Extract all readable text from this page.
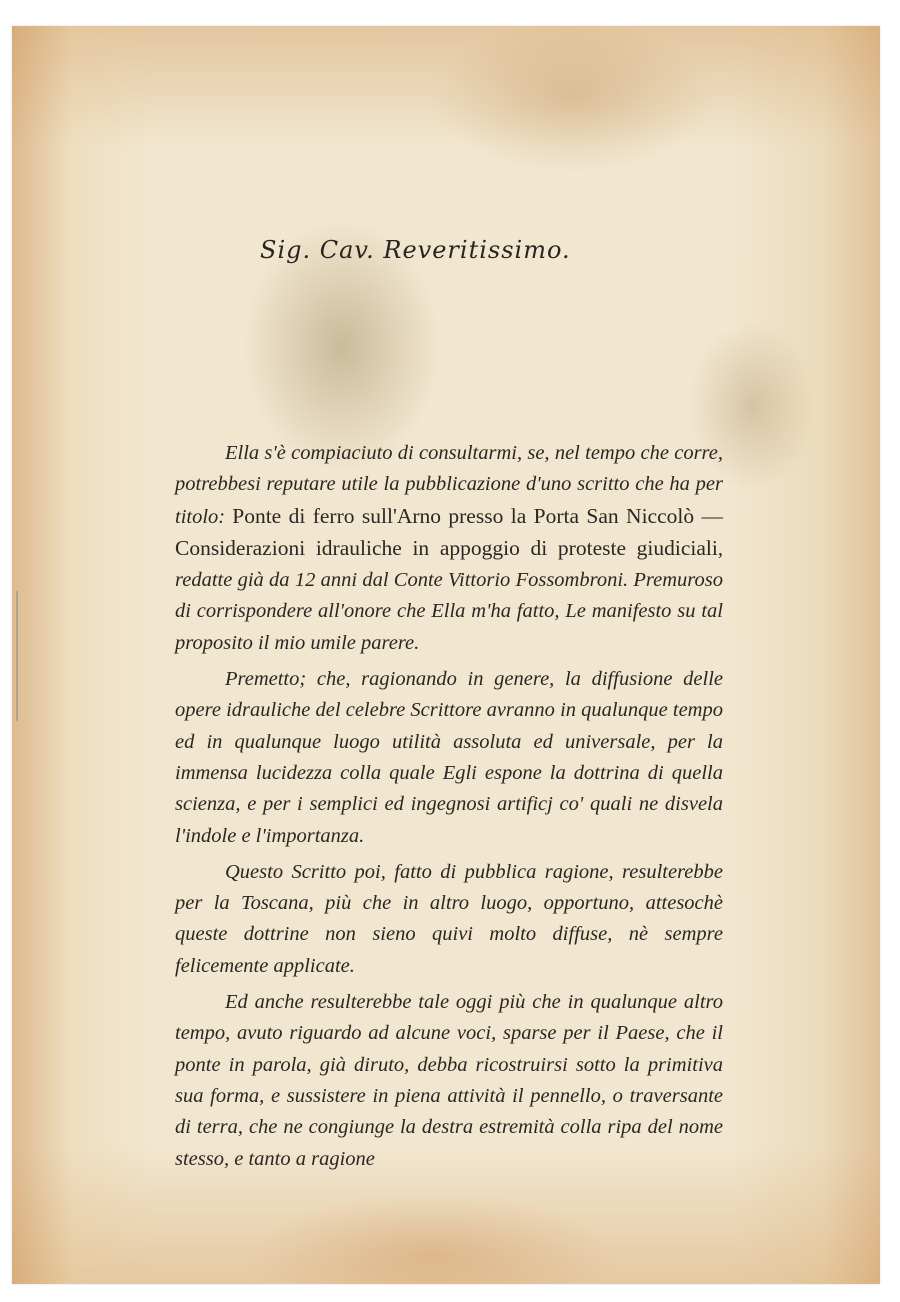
Sig. Cav. Reveritissimo.

Ella s'è compiaciuto di consultarmi, se, nel tempo che corre, potrebbesi reputare utile la pubblicazione d'uno scritto che ha per titolo: Ponte di ferro sull'Arno presso la Porta San Niccolò — Considerazioni idrauliche in appoggio di proteste giudiciali, redatte già da 12 anni dal Conte Vittorio Fossombroni. Premuroso di corrispondere all'onore che Ella m'ha fatto, Le manifesto su tal proposito il mio umile parere.

Premetto; che, ragionando in genere, la diffusione delle opere idrauliche del celebre Scrittore avranno in qualunque tempo ed in qualunque luogo utilità assoluta ed universale, per la immensa lucidezza colla quale Egli espone la dottrina di quella scienza, e per i semplici ed ingegnosi artificj co' quali ne disvela l'indole e l'importanza.

Questo Scritto poi, fatto di pubblica ragione, resulterebbe per la Toscana, più che in altro luogo, opportuno, attesochè queste dottrine non sieno quivi molto diffuse, nè sempre felicemente applicate.

Ed anche resulterebbe tale oggi più che in qualunque altro tempo, avuto riguardo ad alcune voci, sparse per il Paese, che il ponte in parola, già diruto, debba ricostruirsi sotto la primitiva sua forma, e sussistere in piena attività il pennello, o traversante di terra, che ne congiunge la destra estremità colla ripa del nome stesso, e tanto a ragione
